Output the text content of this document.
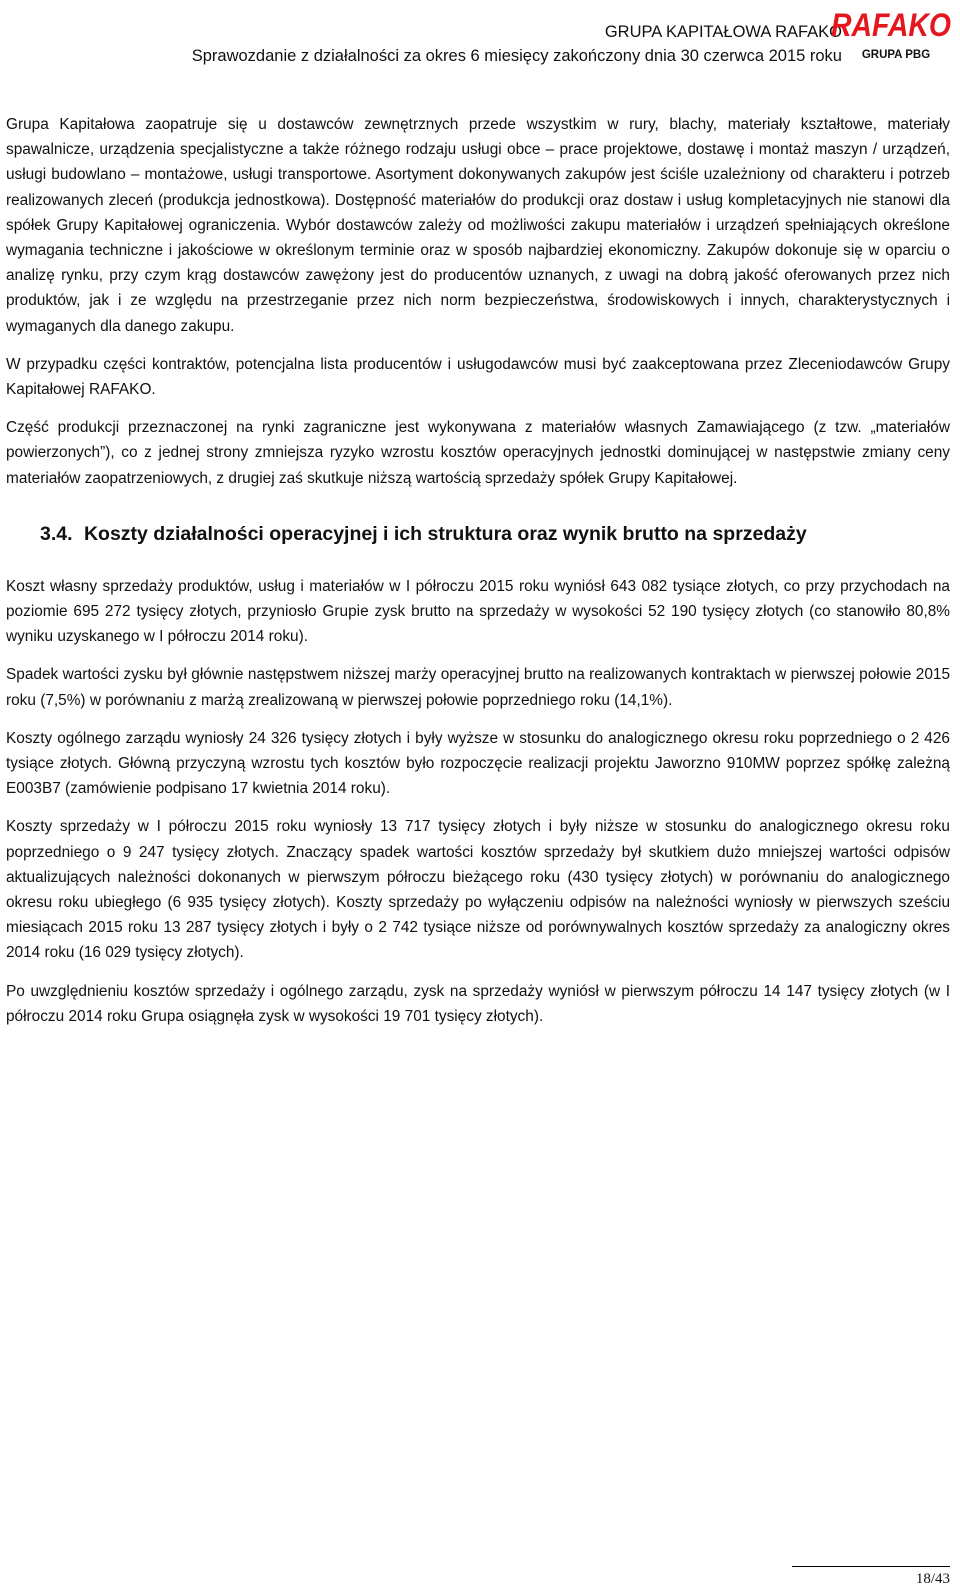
GRUPA KAPITAŁOWA RAFAKO
Sprawozdanie z działalności za okres 6 miesięcy zakończony dnia 30 czerwca 2015 roku
RAFAKO
GRUPA PBG

Grupa Kapitałowa zaopatruje się u dostawców zewnętrznych przede wszystkim w rury, blachy, materiały kształtowe, materiały spawalnicze, urządzenia specjalistyczne a także różnego rodzaju usługi obce – prace projektowe, dostawę i montaż maszyn / urządzeń, usługi budowlano – montażowe, usługi transportowe. Asortyment dokonywanych zakupów jest ściśle uzależniony od charakteru i potrzeb realizowanych zleceń (produkcja jednostkowa). Dostępność materiałów do produkcji oraz dostaw i usług kompletacyjnych nie stanowi dla spółek Grupy Kapitałowej ograniczenia. Wybór dostawców zależy od możliwości zakupu materiałów i urządzeń spełniających określone wymagania techniczne i jakościowe w określonym terminie oraz w sposób najbardziej ekonomiczny. Zakupów dokonuje się w oparciu o analizę rynku, przy czym krąg dostawców zawężony jest do producentów uznanych, z uwagi na dobrą jakość oferowanych przez nich produktów, jak i ze względu na przestrzeganie przez nich norm bezpieczeństwa, środowiskowych i innych, charakterystycznych i wymaganych dla danego zakupu.

W przypadku części kontraktów, potencjalna lista producentów i usługodawców musi być zaakceptowana przez Zleceniodawców Grupy Kapitałowej RAFAKO.

Część produkcji przeznaczonej na rynki zagraniczne jest wykonywana z materiałów własnych Zamawiającego (z tzw. „materiałów powierzonych”), co z jednej strony zmniejsza ryzyko wzrostu kosztów operacyjnych jednostki dominującej w następstwie zmiany ceny materiałów zaopatrzeniowych, z drugiej zaś skutkuje niższą wartością sprzedaży spółek Grupy Kapitałowej.

3.4. Koszty działalności operacyjnej i ich struktura oraz wynik brutto na sprzedaży

Koszt własny sprzedaży produktów, usług i materiałów w I półroczu 2015 roku wyniósł 643 082 tysiące złotych, co przy przychodach na poziomie 695 272 tysięcy złotych, przyniosło Grupie zysk brutto na sprzedaży w wysokości 52 190 tysięcy złotych (co stanowiło 80,8% wyniku uzyskanego w I półroczu 2014 roku).

Spadek wartości zysku był głównie następstwem niższej marży operacyjnej brutto na realizowanych kontraktach w pierwszej połowie 2015 roku (7,5%) w porównaniu z marżą zrealizowaną w pierwszej połowie poprzedniego roku (14,1%).

Koszty ogólnego zarządu wyniosły 24 326 tysięcy złotych i były wyższe w stosunku do analogicznego okresu roku poprzedniego o 2 426 tysiące złotych. Główną przyczyną wzrostu tych kosztów było rozpoczęcie realizacji projektu Jaworzno 910MW poprzez spółkę zależną E003B7 (zamówienie podpisano 17 kwietnia 2014 roku).

Koszty sprzedaży w I półroczu 2015 roku wyniosły 13 717 tysięcy złotych i były niższe w stosunku do analogicznego okresu roku poprzedniego o 9 247 tysięcy złotych. Znaczący spadek wartości kosztów sprzedaży był skutkiem dużo mniejszej wartości odpisów aktualizujących należności dokonanych w pierwszym półroczu bieżącego roku (430 tysięcy złotych) w porównaniu do analogicznego okresu roku ubiegłego (6 935 tysięcy złotych). Koszty sprzedaży po wyłączeniu odpisów na należności wyniosły w pierwszych sześciu miesiącach 2015 roku 13 287 tysięcy złotych i były o 2 742 tysiące niższe od porównywalnych kosztów sprzedaży za analogiczny okres 2014 roku (16 029 tysięcy złotych).

Po uwzględnieniu kosztów sprzedaży i ogólnego zarządu, zysk na sprzedaży wyniósł w pierwszym półroczu 14 147 tysięcy złotych (w I półroczu 2014 roku Grupa osiągnęła zysk w wysokości 19 701 tysięcy złotych).

18/43
